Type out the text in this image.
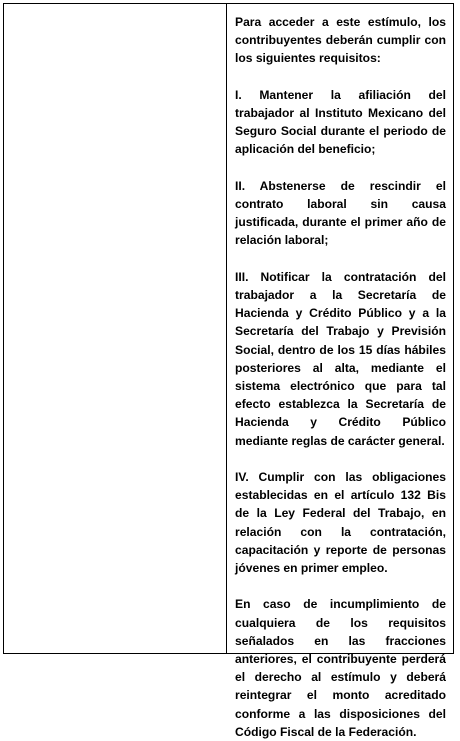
Para acceder a este estímulo, los contribuyentes deberán cumplir con los siguientes requisitos:

I. Mantener la afiliación del trabajador al Instituto Mexicano del Seguro Social durante el periodo de aplicación del beneficio;

II. Abstenerse de rescindir el contrato laboral sin causa justificada, durante el primer año de relación laboral;

III. Notificar la contratación del trabajador a la Secretaría de Hacienda y Crédito Público y a la Secretaría del Trabajo y Previsión Social, dentro de los 15 días hábiles posteriores al alta, mediante el sistema electrónico que para tal efecto establezca la Secretaría de Hacienda y Crédito Público mediante reglas de carácter general.

IV. Cumplir con las obligaciones establecidas en el artículo 132 Bis de la Ley Federal del Trabajo, en relación con la contratación, capacitación y reporte de personas jóvenes en primer empleo.

En caso de incumplimiento de cualquiera de los requisitos señalados en las fracciones anteriores, el contribuyente perderá el derecho al estímulo y deberá reintegrar el monto acreditado conforme a las disposiciones del Código Fiscal de la Federación.
